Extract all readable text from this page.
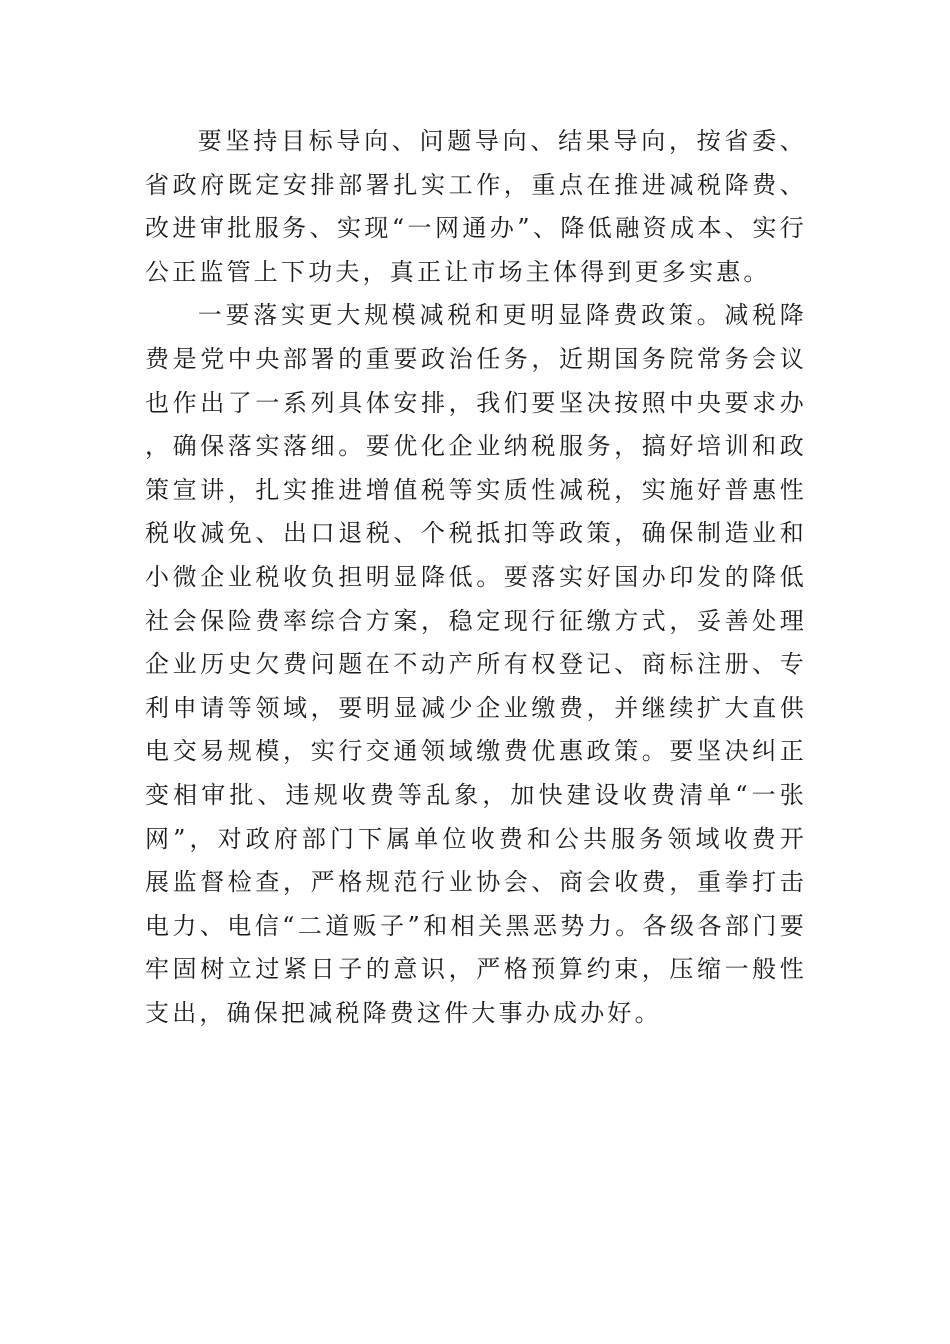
要坚持目标导向、问题导向、结果导向，按省委、省政府既定安排部署扎实工作，重点在推进减税降费、改进审批服务、实现“一网通办”、降低融资成本、实行公正监管上下功夫，真正让市场主体得到更多实惠。

一要落实更大规模减税和更明显降费政策。减税降费是党中央部署的重要政治任务，近期国务院常务会议也作出了一系列具体安排，我们要坚决按照中央要求办，确保落实落细。要优化企业纳税服务，搞好培训和政策宣讲，扎实推进增值税等实质性减税，实施好普惠性税收减免、出口退税、个税抵扣等政策，确保制造业和小微企业税收负担明显降低。要落实好国办印发的降低社会保险费率综合方案，稳定现行征缴方式，妥善处理企业历史欠费问题在不动产所有权登记、商标注册、专利申请等领域，要明显减少企业缴费，并继续扩大直供电交易规模，实行交通领域缴费优惠政策。要坚决纠正变相审批、违规收费等乱象，加快建设收费清单“一张网”，对政府部门下属单位收费和公共服务领域收费开展监督检查，严格规范行业协会、商会收费，重拳打击电力、电信“二道贩子”和相关黑恶势力。各级各部门要牢固树立过紧日子的意识，严格预算约束，压缩一般性支出，确保把减税降费这件大事办成办好。
